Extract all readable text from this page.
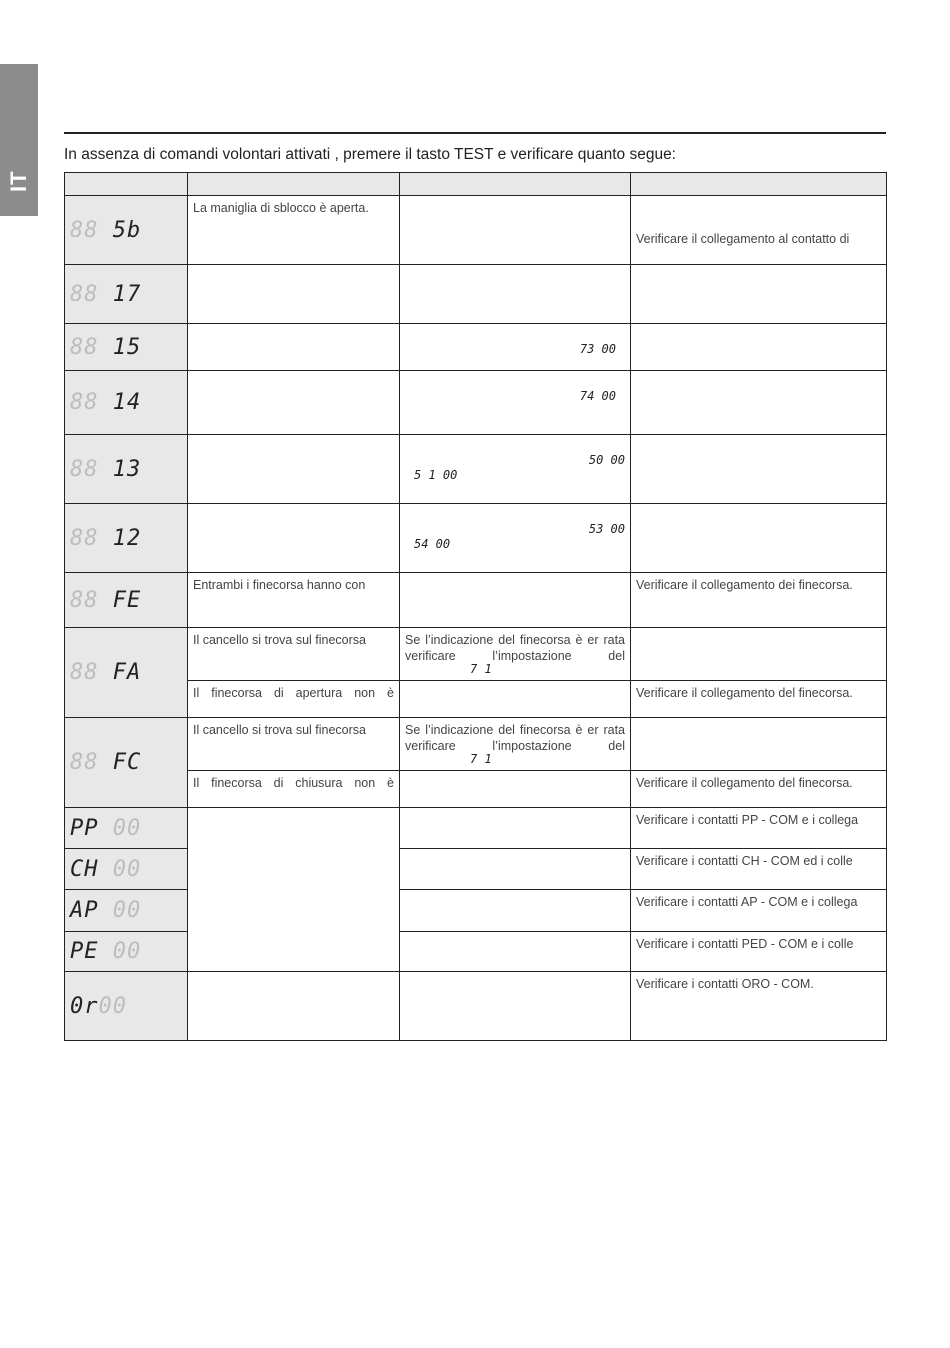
IT
In assenza di comandi volontari attivati , premere il tasto TEST e verificare quanto segue:

88 5b	La maniglia di sblocco è aperta.		Verificare il collegamento al contatto di

88 17	

88 15		73 00	

88 14		74 00	

88 13		50 00
5 1 00	

88 12		53 00
54 00	

88 FE	Entrambi i finecorsa hanno con		Verificare il collegamento dei finecorsa.

88 FA	Il cancello si trova sul finecorsa	Se l’indicazione del finecorsa è er rata verificare l’impostazione del
7 1	

	Il finecorsa di apertura non è		Verificare il collegamento del finecorsa.

88 FC	Il cancello si trova sul finecorsa	Se l’indicazione del finecorsa è er rata verificare l’impostazione del
7 1	

	Il finecorsa di chiusura non è		Verificare il collegamento del finecorsa.

PP 00			Verificare i contatti PP - COM e i collega

CH 00			Verificare i contatti CH - COM ed i colle

AP 00			Verificare i contatti AP - COM e i collega

PE 00			Verificare i contatti PED - COM e i colle

0r00			Verificare i contatti ORO - COM.
